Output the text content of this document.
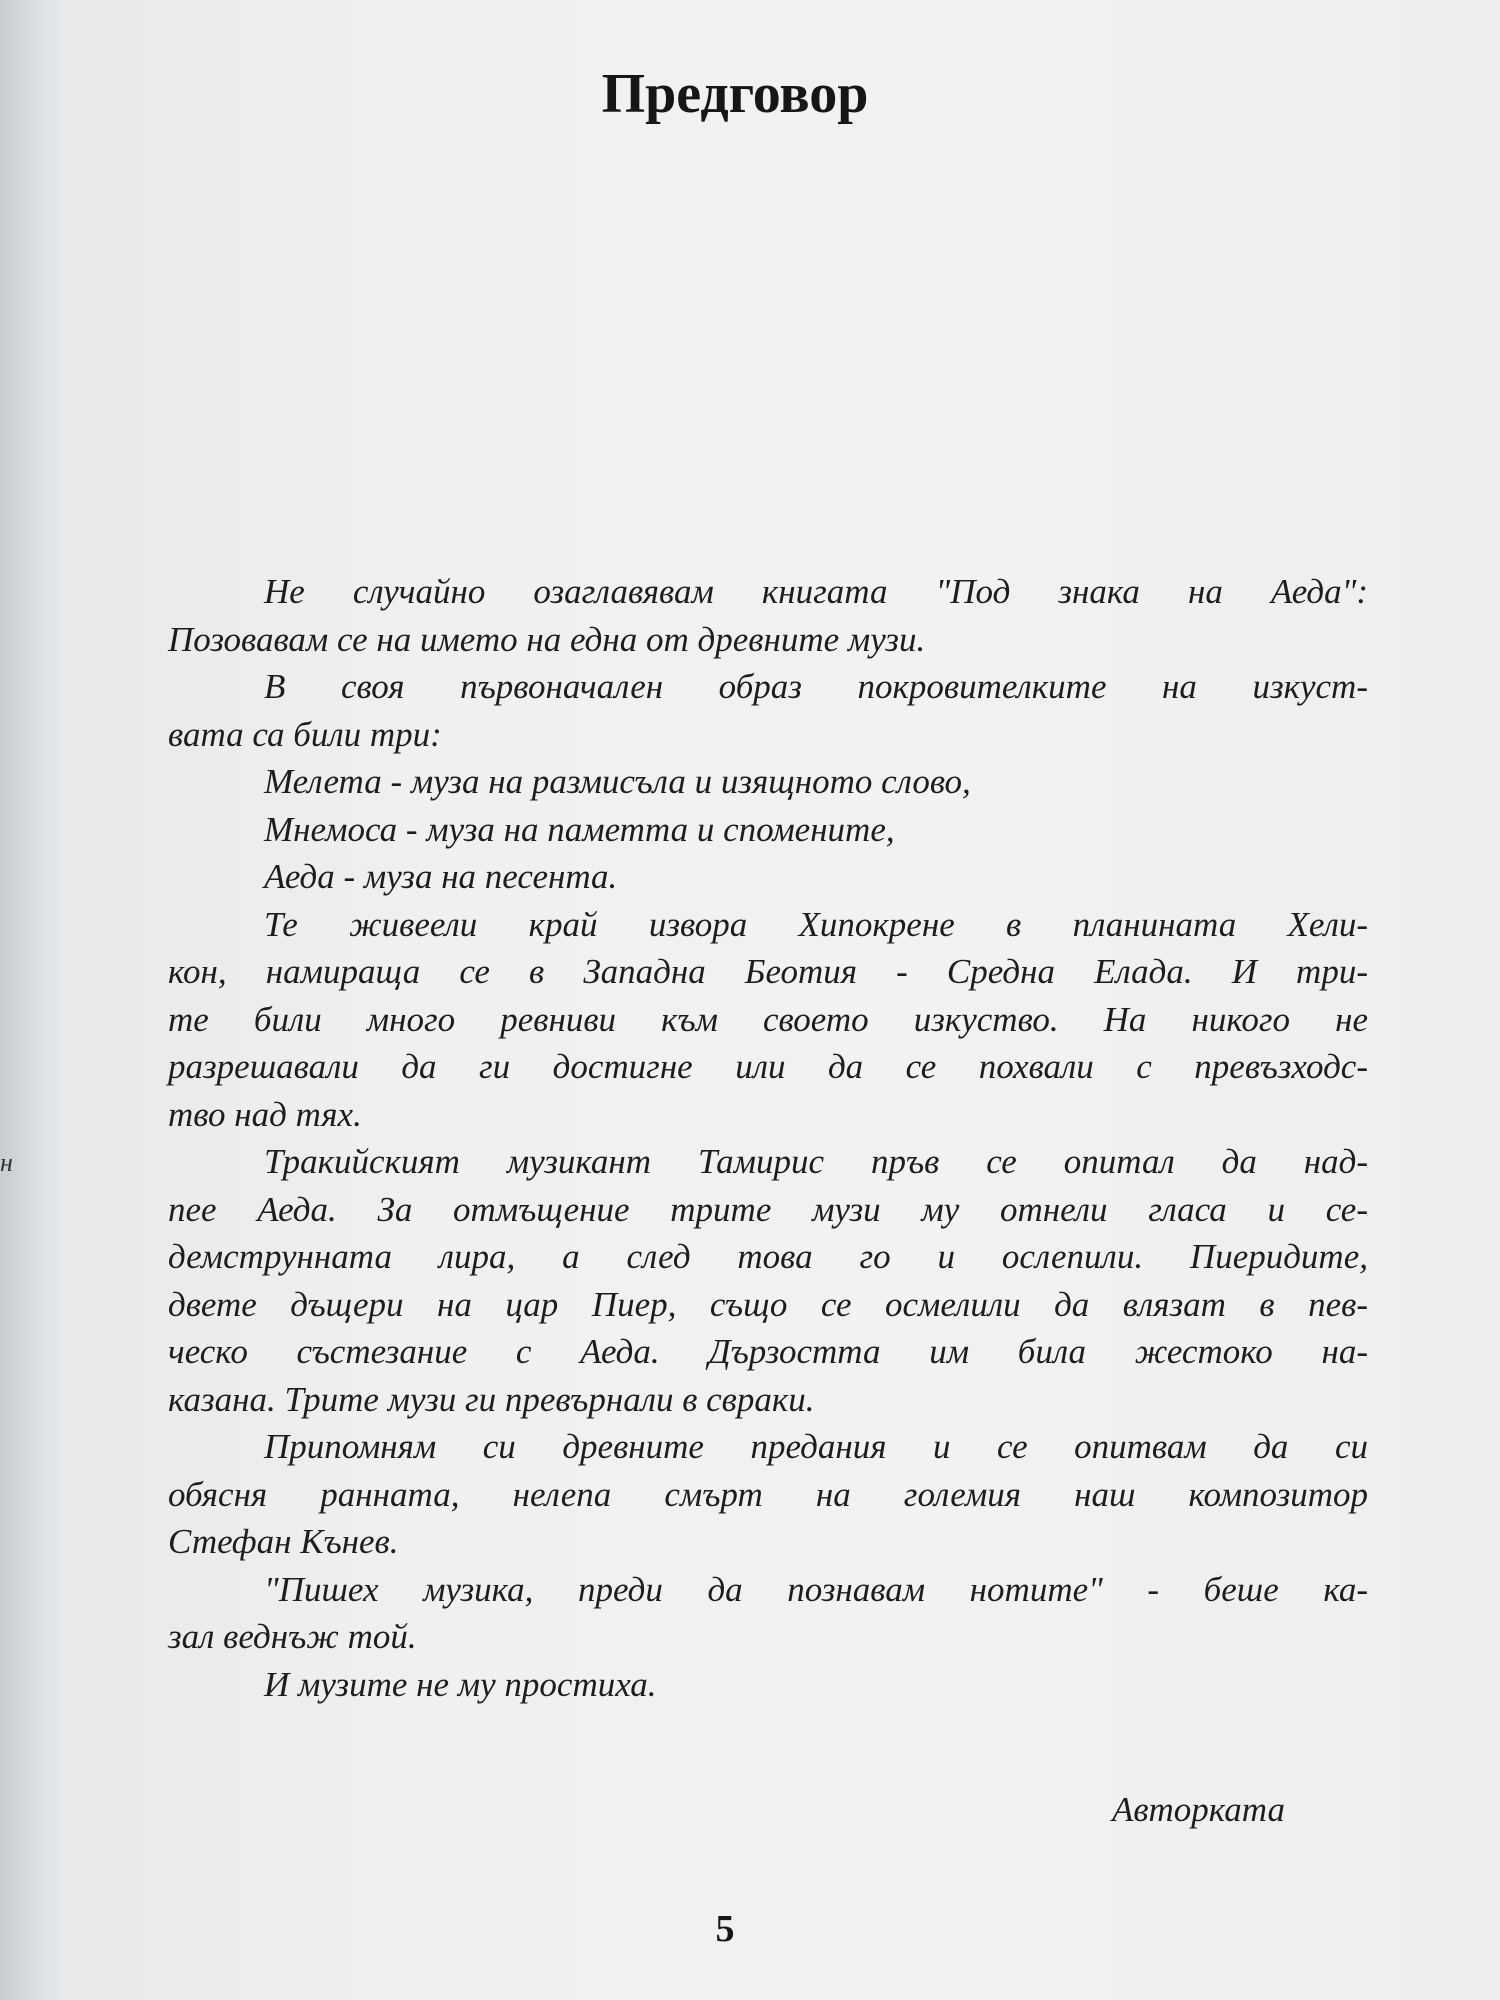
н
Предговор
Не случайно озаглавявам книгата "Под знака на Аеда":
Позовавам се на името на една от древните музи.
В своя първоначален образ покровителките на изкуст-
вата са били три:
Мелета - муза на размисъла и изящното слово,
Мнемоса - муза на паметта и спомените,
Аеда - муза на песента.
Те живеели край извора Хипокрене в планината Хели-
кон, намираща се в Западна Беотия - Средна Елада. И три-
те били много ревниви към своето изкуство. На никого не
разрешавали да ги достигне или да се похвали с превъзходс-
тво над тях.
Тракийският музикант Тамирис пръв се опитал да над-
пее Аеда. За отмъщение трите музи му отнели гласа и се-
демструнната лира, а след това го и ослепили. Пиеридите,
двете дъщери на цар Пиер, също се осмелили да влязат в пев-
ческо състезание с Аеда. Дързостта им била жестоко на-
казана. Трите музи ги превърнали в свраки.
Припомням си древните предания и се опитвам да си
обясня ранната, нелепа смърт на големия наш композитор
Стефан Кънев.
"Пишех музика, преди да познавам нотите" - беше ка-
зал веднъж той.
И музите не му простиха.
Авторката
5
